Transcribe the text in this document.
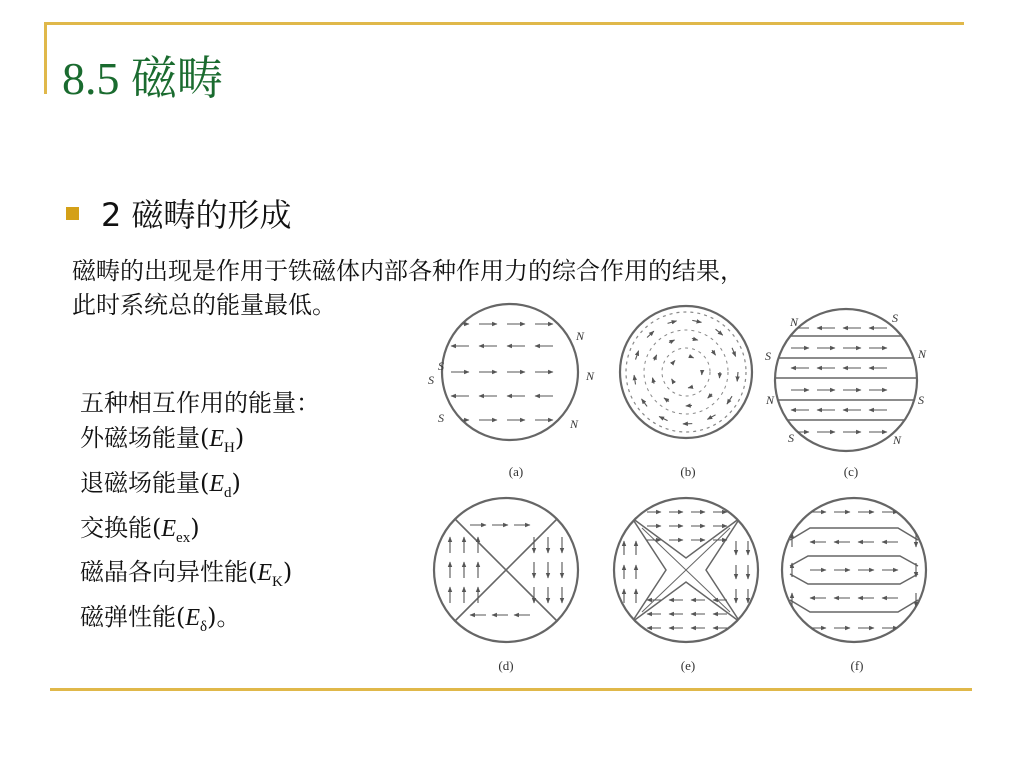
8.5 磁畴
2 磁畴的形成
磁畴的出现是作用于铁磁体内部各种作用力的综合作用的结果，
此时系统总的能量最低。
五种相互作用的能量：
外磁场能量$(E_H)$
退磁场能量$(E_d)$
交换能$(E_{ex})$
磁晶各向异性能$(E_K)$
磁弹性能$(E_\delta)$。
(a)	(b)	(c)
(d)	(e)	(f)
S
S
S
N
N
N
N	S
S	N
N	S
S	N
